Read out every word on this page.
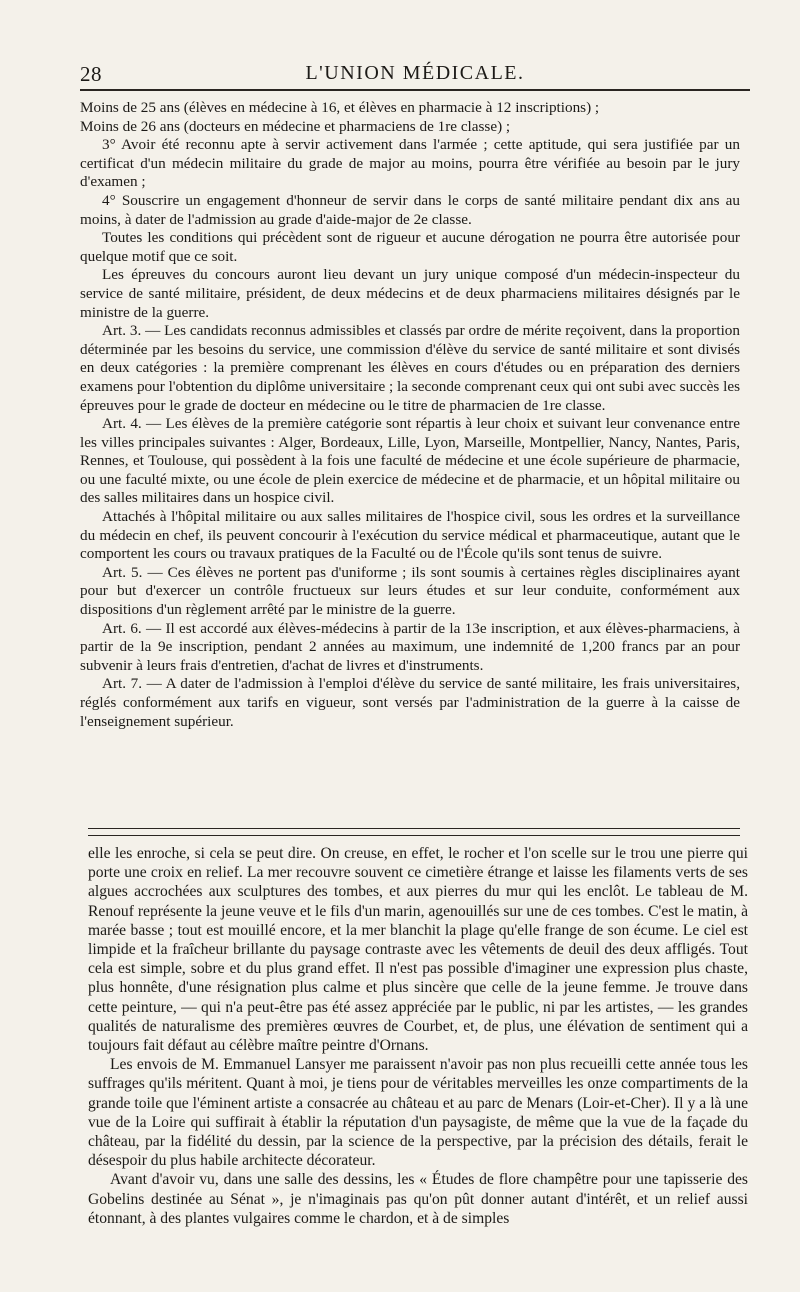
28	L'UNION MÉDICALE.

Moins de 25 ans (élèves en médecine à 16, et élèves en pharmacie à 12 inscriptions) ;

Moins de 26 ans (docteurs en médecine et pharmaciens de 1re classe) ;

3° Avoir été reconnu apte à servir activement dans l'armée ; cette aptitude, qui sera justifiée par un certificat d'un médecin militaire du grade de major au moins, pourra être vérifiée au besoin par le jury d'examen ;

4° Souscrire un engagement d'honneur de servir dans le corps de santé militaire pendant dix ans au moins, à dater de l'admission au grade d'aide-major de 2e classe.

Toutes les conditions qui précèdent sont de rigueur et aucune dérogation ne pourra être autorisée pour quelque motif que ce soit.

Les épreuves du concours auront lieu devant un jury unique composé d'un médecin-inspecteur du service de santé militaire, président, de deux médecins et de deux pharmaciens militaires désignés par le ministre de la guerre.

Art. 3. — Les candidats reconnus admissibles et classés par ordre de mérite reçoivent, dans la proportion déterminée par les besoins du service, une commission d'élève du service de santé militaire et sont divisés en deux catégories : la première comprenant les élèves en cours d'études ou en préparation des derniers examens pour l'obtention du diplôme universitaire ; la seconde comprenant ceux qui ont subi avec succès les épreuves pour le grade de docteur en médecine ou le titre de pharmacien de 1re classe.

Art. 4. — Les élèves de la première catégorie sont répartis à leur choix et suivant leur convenance entre les villes principales suivantes : Alger, Bordeaux, Lille, Lyon, Marseille, Montpellier, Nancy, Nantes, Paris, Rennes, et Toulouse, qui possèdent à la fois une faculté de médecine et une école supérieure de pharmacie, ou une faculté mixte, ou une école de plein exercice de médecine et de pharmacie, et un hôpital militaire ou des salles militaires dans un hospice civil.

Attachés à l'hôpital militaire ou aux salles militaires de l'hospice civil, sous les ordres et la surveillance du médecin en chef, ils peuvent concourir à l'exécution du service médical et pharmaceutique, autant que le comportent les cours ou travaux pratiques de la Faculté ou de l'École qu'ils sont tenus de suivre.

Art. 5. — Ces élèves ne portent pas d'uniforme ; ils sont soumis à certaines règles disciplinaires ayant pour but d'exercer un contrôle fructueux sur leurs études et sur leur conduite, conformément aux dispositions d'un règlement arrêté par le ministre de la guerre.

Art. 6. — Il est accordé aux élèves-médecins à partir de la 13e inscription, et aux élèves-pharmaciens, à partir de la 9e inscription, pendant 2 années au maximum, une indemnité de 1,200 francs par an pour subvenir à leurs frais d'entretien, d'achat de livres et d'instruments.

Art. 7. — A dater de l'admission à l'emploi d'élève du service de santé militaire, les frais universitaires, réglés conformément aux tarifs en vigueur, sont versés par l'administration de la guerre à la caisse de l'enseignement supérieur.

elle les enroche, si cela se peut dire. On creuse, en effet, le rocher et l'on scelle sur le trou une pierre qui porte une croix en relief. La mer recouvre souvent ce cimetière étrange et laisse les filaments verts de ses algues accrochées aux sculptures des tombes, et aux pierres du mur qui les enclôt. Le tableau de M. Renouf représente la jeune veuve et le fils d'un marin, agenouillés sur une de ces tombes. C'est le matin, à marée basse ; tout est mouillé encore, et la mer blanchit la plage qu'elle frange de son écume. Le ciel est limpide et la fraîcheur brillante du paysage contraste avec les vêtements de deuil des deux affligés. Tout cela est simple, sobre et du plus grand effet. Il n'est pas possible d'imaginer une expression plus chaste, plus honnête, d'une résignation plus calme et plus sincère que celle de la jeune femme. Je trouve dans cette peinture, — qui n'a peut-être pas été assez appréciée par le public, ni par les artistes, — les grandes qualités de naturalisme des premières œuvres de Courbet, et, de plus, une élévation de sentiment qui a toujours fait défaut au célèbre maître peintre d'Ornans.

Les envois de M. Emmanuel Lansyer me paraissent n'avoir pas non plus recueilli cette année tous les suffrages qu'ils méritent. Quant à moi, je tiens pour de véritables merveilles les onze compartiments de la grande toile que l'éminent artiste a consacrée au château et au parc de Menars (Loir-et-Cher). Il y a là une vue de la Loire qui suffirait à établir la réputation d'un paysagiste, de même que la vue de la façade du château, par la fidélité du dessin, par la science de la perspective, par la précision des détails, ferait le désespoir du plus habile architecte décorateur.

Avant d'avoir vu, dans une salle des dessins, les « Études de flore champêtre pour une tapisserie des Gobelins destinée au Sénat », je n'imaginais pas qu'on pût donner autant d'intérêt, et un relief aussi étonnant, à des plantes vulgaires comme le chardon, et à de simples
